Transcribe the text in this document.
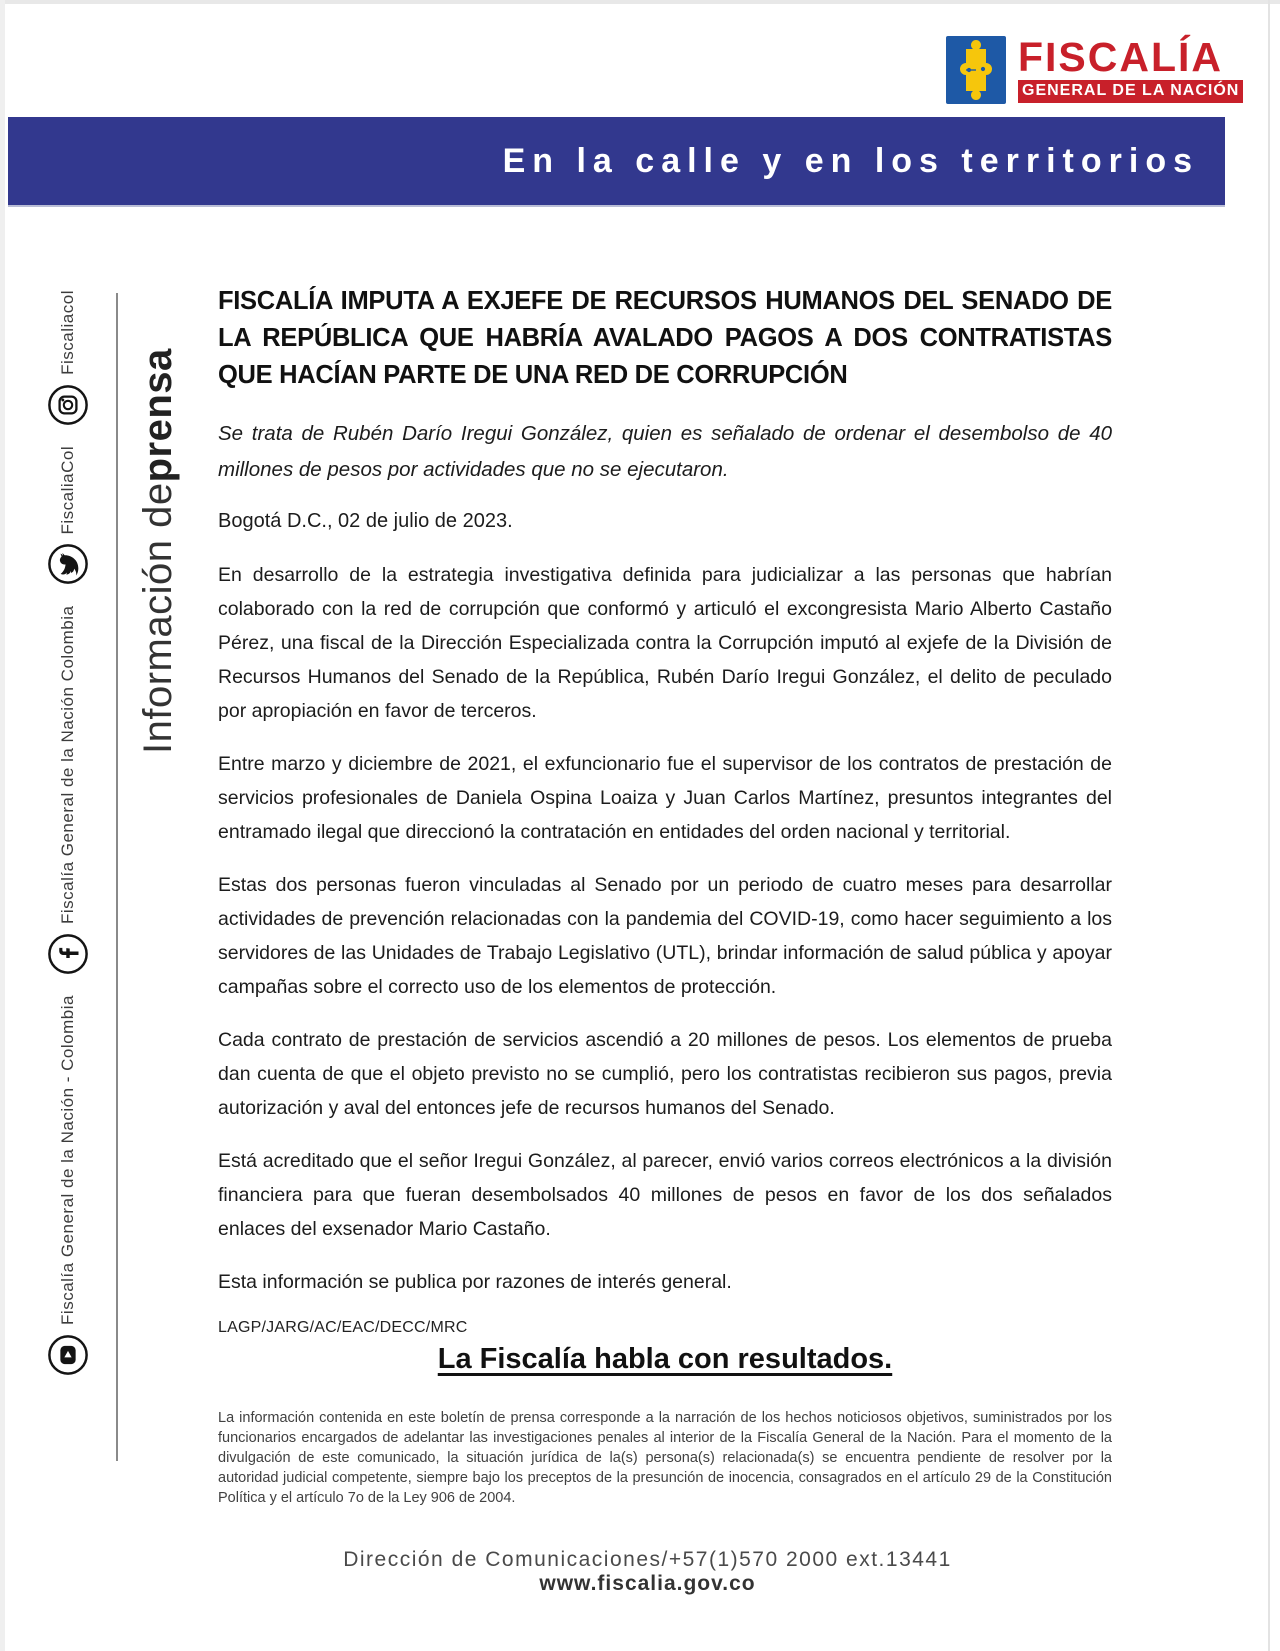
FISCALÍA
GENERAL DE LA NACIÓN
En la calle y en los territorios
Fiscalía General de la Nación - Colombia
Fiscalía General de la Nación Colombia
FiscaliaCol
Fiscaliacol
Información de
prensa
FISCALÍA IMPUTA A EXJEFE DE RECURSOS HUMANOS DEL SENADO DE LA REPÚBLICA QUE HABRÍA AVALADO PAGOS A DOS CONTRATISTAS QUE HACÍAN PARTE DE UNA RED DE CORRUPCIÓN

Se trata de Rubén Darío Iregui González, quien es señalado de ordenar el desembolso de 40 millones de pesos por actividades que no se ejecutaron.

Bogotá D.C., 02 de julio de 2023.

En desarrollo de la estrategia investigativa definida para judicializar a las personas que habrían colaborado con la red de corrupción que conformó y articuló el excongresista Mario Alberto Castaño Pérez, una fiscal de la Dirección Especializada contra la Corrupción imputó al exjefe de la División de Recursos Humanos del Senado de la República, Rubén Darío Iregui González, el delito de peculado por apropiación en favor de terceros.

Entre marzo y diciembre de 2021, el exfuncionario fue el supervisor de los contratos de prestación de servicios profesionales de Daniela Ospina Loaiza y Juan Carlos Martínez, presuntos integrantes del entramado ilegal que direccionó la contratación en entidades del orden nacional y territorial.

Estas dos personas fueron vinculadas al Senado por un periodo de cuatro meses para desarrollar actividades de prevención relacionadas con la pandemia del COVID-19, como hacer seguimiento a los servidores de las Unidades de Trabajo Legislativo (UTL), brindar información de salud pública y apoyar campañas sobre el correcto uso de los elementos de protección.

Cada contrato de prestación de servicios ascendió a 20 millones de pesos. Los elementos de prueba dan cuenta de que el objeto previsto no se cumplió, pero los contratistas recibieron sus pagos, previa autorización y aval del entonces jefe de recursos humanos del Senado.

Está acreditado que el señor Iregui González, al parecer, envió varios correos electrónicos a la división financiera para que fueran desembolsados 40 millones de pesos en favor de los dos señalados enlaces del exsenador Mario Castaño.

Esta información se publica por razones de interés general.

LAGP/JARG/AC/EAC/DECC/MRC

La Fiscalía habla con resultados.

La información contenida en este boletín de prensa corresponde a la narración de los hechos noticiosos objetivos, suministrados por los funcionarios encargados de adelantar las investigaciones penales al interior de la Fiscalía General de la Nación. Para el momento de la divulgación de este comunicado, la situación jurídica de la(s) persona(s) relacionada(s) se encuentra pendiente de resolver por la autoridad judicial competente, siempre bajo los preceptos de la presunción de inocencia, consagrados en el artículo 29 de la Constitución Política y el artículo 7o de la Ley 906 de 2004.

Dirección de Comunicaciones/+57(1)570 2000 ext.13441
www.fiscalia.gov.co
